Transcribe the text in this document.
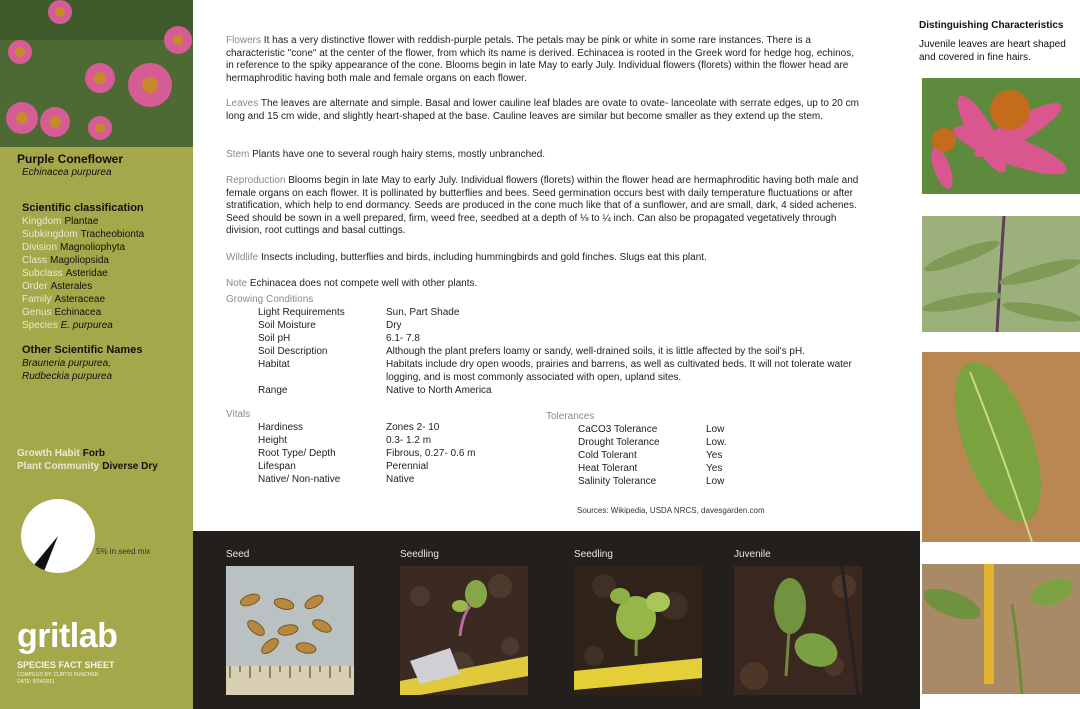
Purple Coneflower
Echinacea purpurea
Scientific classification
Kingdom Plantae
Subkingdom Tracheobionta
Division Magnoliophyta
Class Magoliopsida
Subclass Asteridae
Order Asterales
Family Asteraceae
Genus Echinacea
Species E. purpurea
Other Scientific Names
Brauneria purpurea,
Rudbeckia purpurea
Growth Habit Forb
Plant Community Diverse Dry
5% in seed mix
gritlab
SPECIES FACT SHEET
COMPILED BY: CURTIS PUNCHER
DATE: 8/24/2011
Flowers It has a very distinctive flower with reddish-purple petals. The petals may be pink or white in some rare instances. There is a characteristic "cone" at the center of the flower, from which its name is derived. Echinacea is rooted in the Greek word for hedge hog, echinos, in reference to the spiky appearance of the cone. Blooms begin in late May to early July. Individual flowers (florets) within the flower head are hermaphroditic having both male and female organs on each flower.
Leaves The leaves are alternate and simple. Basal and lower cauline leaf blades are ovate to ovate- lanceolate with serrate edges, up to 20 cm long and 15 cm wide, and slightly heart-shaped at the base. Cauline leaves are similar but become smaller as they extend up the stem.
Stem Plants have one to several rough hairy stems, mostly unbranched.
Reproduction Blooms begin in late May to early July. Individual flowers (florets) within the flower head are hermaphroditic having both male and female organs on each flower. It is pollinated by butterflies and bees. Seed germination occurs best with daily temperature fluctuations or after stratification, which help to end dormancy. Seeds are produced in the cone much like that of a sunflower, and are small, dark, 4 sided achenes. Seed should be sown in a well prepared, firm, weed free, seedbed at a depth of ⅛ to ¼ inch. Can also be propagated vegetatively through division, root cuttings and basal cuttings.
Wildlife Insects including, butterflies and birds, including hummingbirds and gold finches. Slugs eat this plant.
Note Echinacea does not compete well with other plants.
Growing Conditions
Light Requirements	Sun, Part Shade
Soil Moisture	Dry
Soil pH	6.1- 7.8
Soil Description	Although the plant prefers loamy or sandy, well-drained soils, it is little affected by the soil's pH.
Habitat	Habitats include dry open woods, prairies and barrens, as well as cultivated beds. It will not tolerate water logging, and is most commonly associated with open, upland sites.
Range	Native to North America
Vitals
Hardiness	Zones 2- 10
Height	0.3- 1.2 m
Root Type/ Depth	Fibrous, 0.27- 0.6 m
Lifespan	Perennial
Native/ Non-native	Native
Tolerances
CaCO3 Tolerance	Low
Drought Tolerance	Low.
Cold Tolerant	Yes
Heat Tolerant	Yes
Salinity Tolerance	Low
Sources: Wikipedia, USDA NRCS, davesgarden.com
Seed	Seedling	Seedling	Juvenile
Distinguishing Characteristics
Juvenile leaves are heart shaped and covered in fine hairs.
